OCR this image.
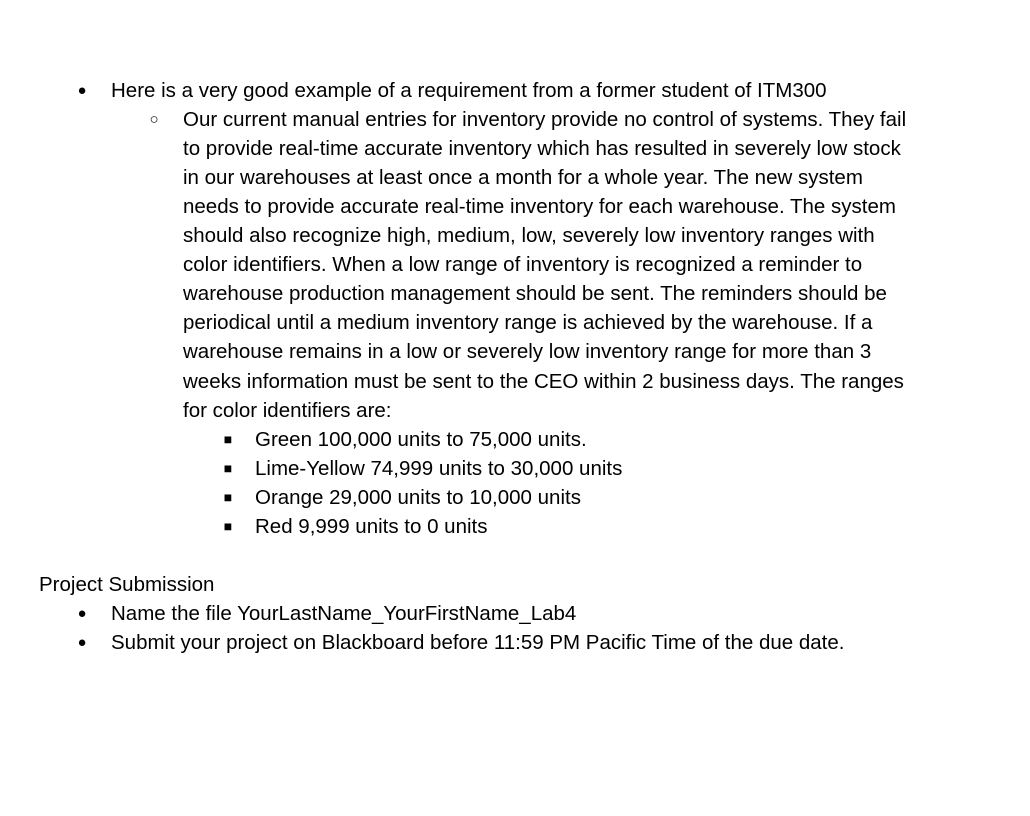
● Here is a very good example of a requirement from a former student of ITM300
○ Our current manual entries for inventory provide no control of systems. They fail
to provide real-time accurate inventory which has resulted in severely low stock
in our warehouses at least once a month for a whole year. The new system
needs to provide accurate real-time inventory for each warehouse. The system
should also recognize high, medium, low, severely low inventory ranges with
color identifiers. When a low range of inventory is recognized a reminder to
warehouse production management should be sent. The reminders should be
periodical until a medium inventory range is achieved by the warehouse. If a
warehouse remains in a low or severely low inventory range for more than 3
weeks information must be sent to the CEO within 2 business days. The ranges
for color identifiers are:
■ Green 100,000 units to 75,000 units.
■ Lime-Yellow 74,999 units to 30,000 units
■ Orange 29,000 units to 10,000 units
■ Red 9,999 units to 0 units
Project Submission
● Name the file YourLastName_YourFirstName_Lab4
● Submit your project on Blackboard before 11:59 PM Pacific Time of the due date.
